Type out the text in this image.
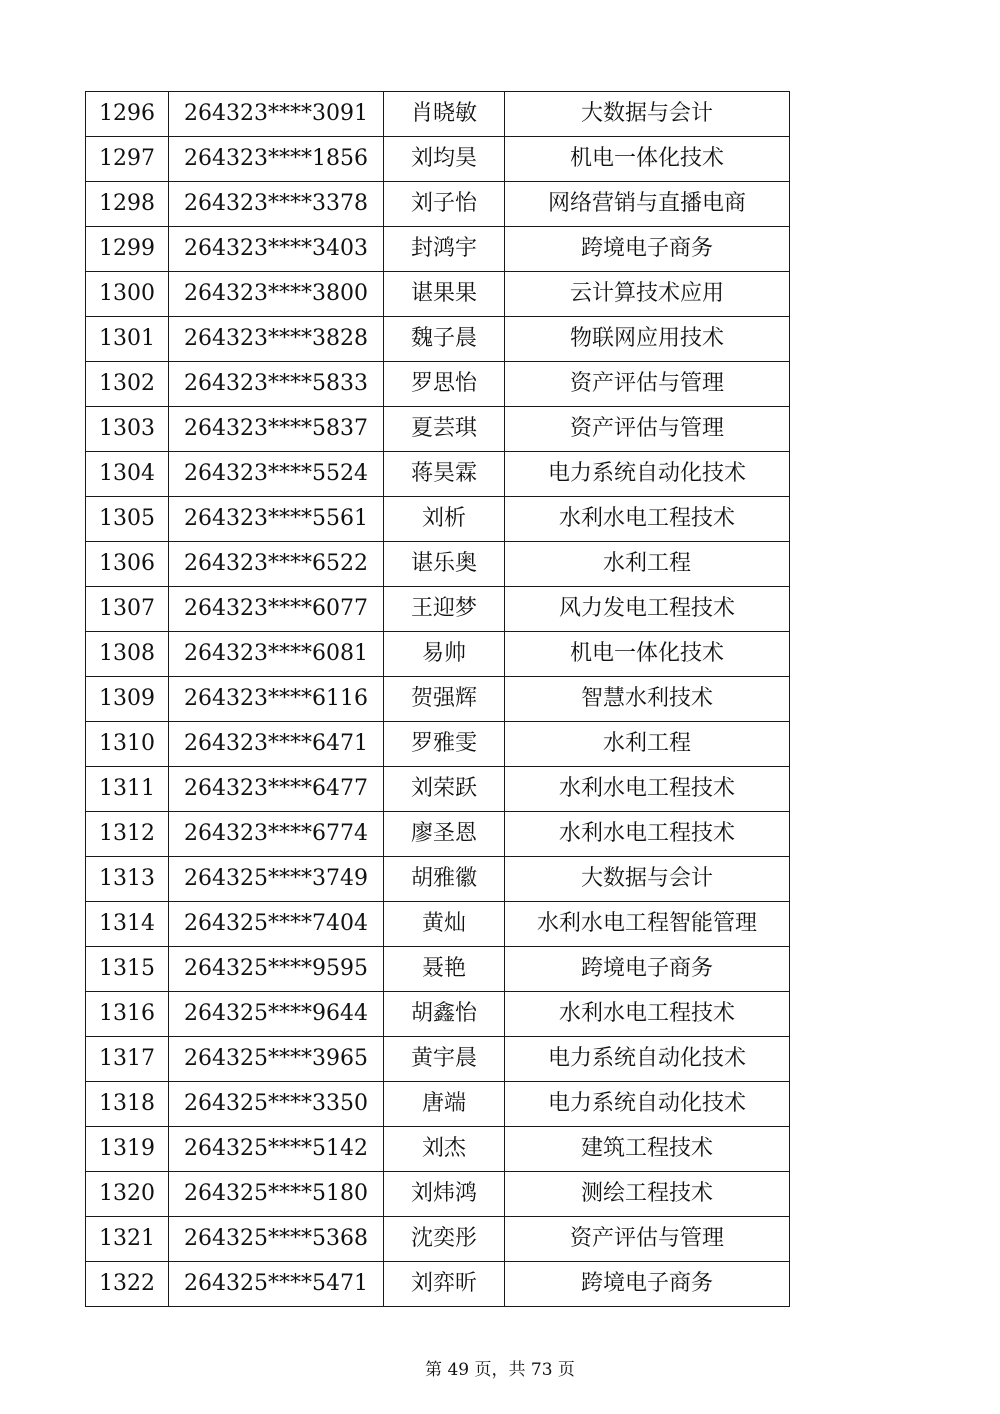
1296	264323****3091	肖晓敏	大数据与会计
1297	264323****1856	刘均昊	机电一体化技术
1298	264323****3378	刘子怡	网络营销与直播电商
1299	264323****3403	封鸿宇	跨境电子商务
1300	264323****3800	谌果果	云计算技术应用
1301	264323****3828	魏子晨	物联网应用技术
1302	264323****5833	罗思怡	资产评估与管理
1303	264323****5837	夏芸琪	资产评估与管理
1304	264323****5524	蒋昊霖	电力系统自动化技术
1305	264323****5561	刘析	水利水电工程技术
1306	264323****6522	谌乐奥	水利工程
1307	264323****6077	王迎梦	风力发电工程技术
1308	264323****6081	易帅	机电一体化技术
1309	264323****6116	贺强辉	智慧水利技术
1310	264323****6471	罗雅雯	水利工程
1311	264323****6477	刘荣跃	水利水电工程技术
1312	264323****6774	廖圣恩	水利水电工程技术
1313	264325****3749	胡雅徽	大数据与会计
1314	264325****7404	黄灿	水利水电工程智能管理
1315	264325****9595	聂艳	跨境电子商务
1316	264325****9644	胡鑫怡	水利水电工程技术
1317	264325****3965	黄宇晨	电力系统自动化技术
1318	264325****3350	唐端	电力系统自动化技术
1319	264325****5142	刘杰	建筑工程技术
1320	264325****5180	刘炜鸿	测绘工程技术
1321	264325****5368	沈奕彤	资产评估与管理
1322	264325****5471	刘弈昕	跨境电子商务
第 49 页，共 73 页
